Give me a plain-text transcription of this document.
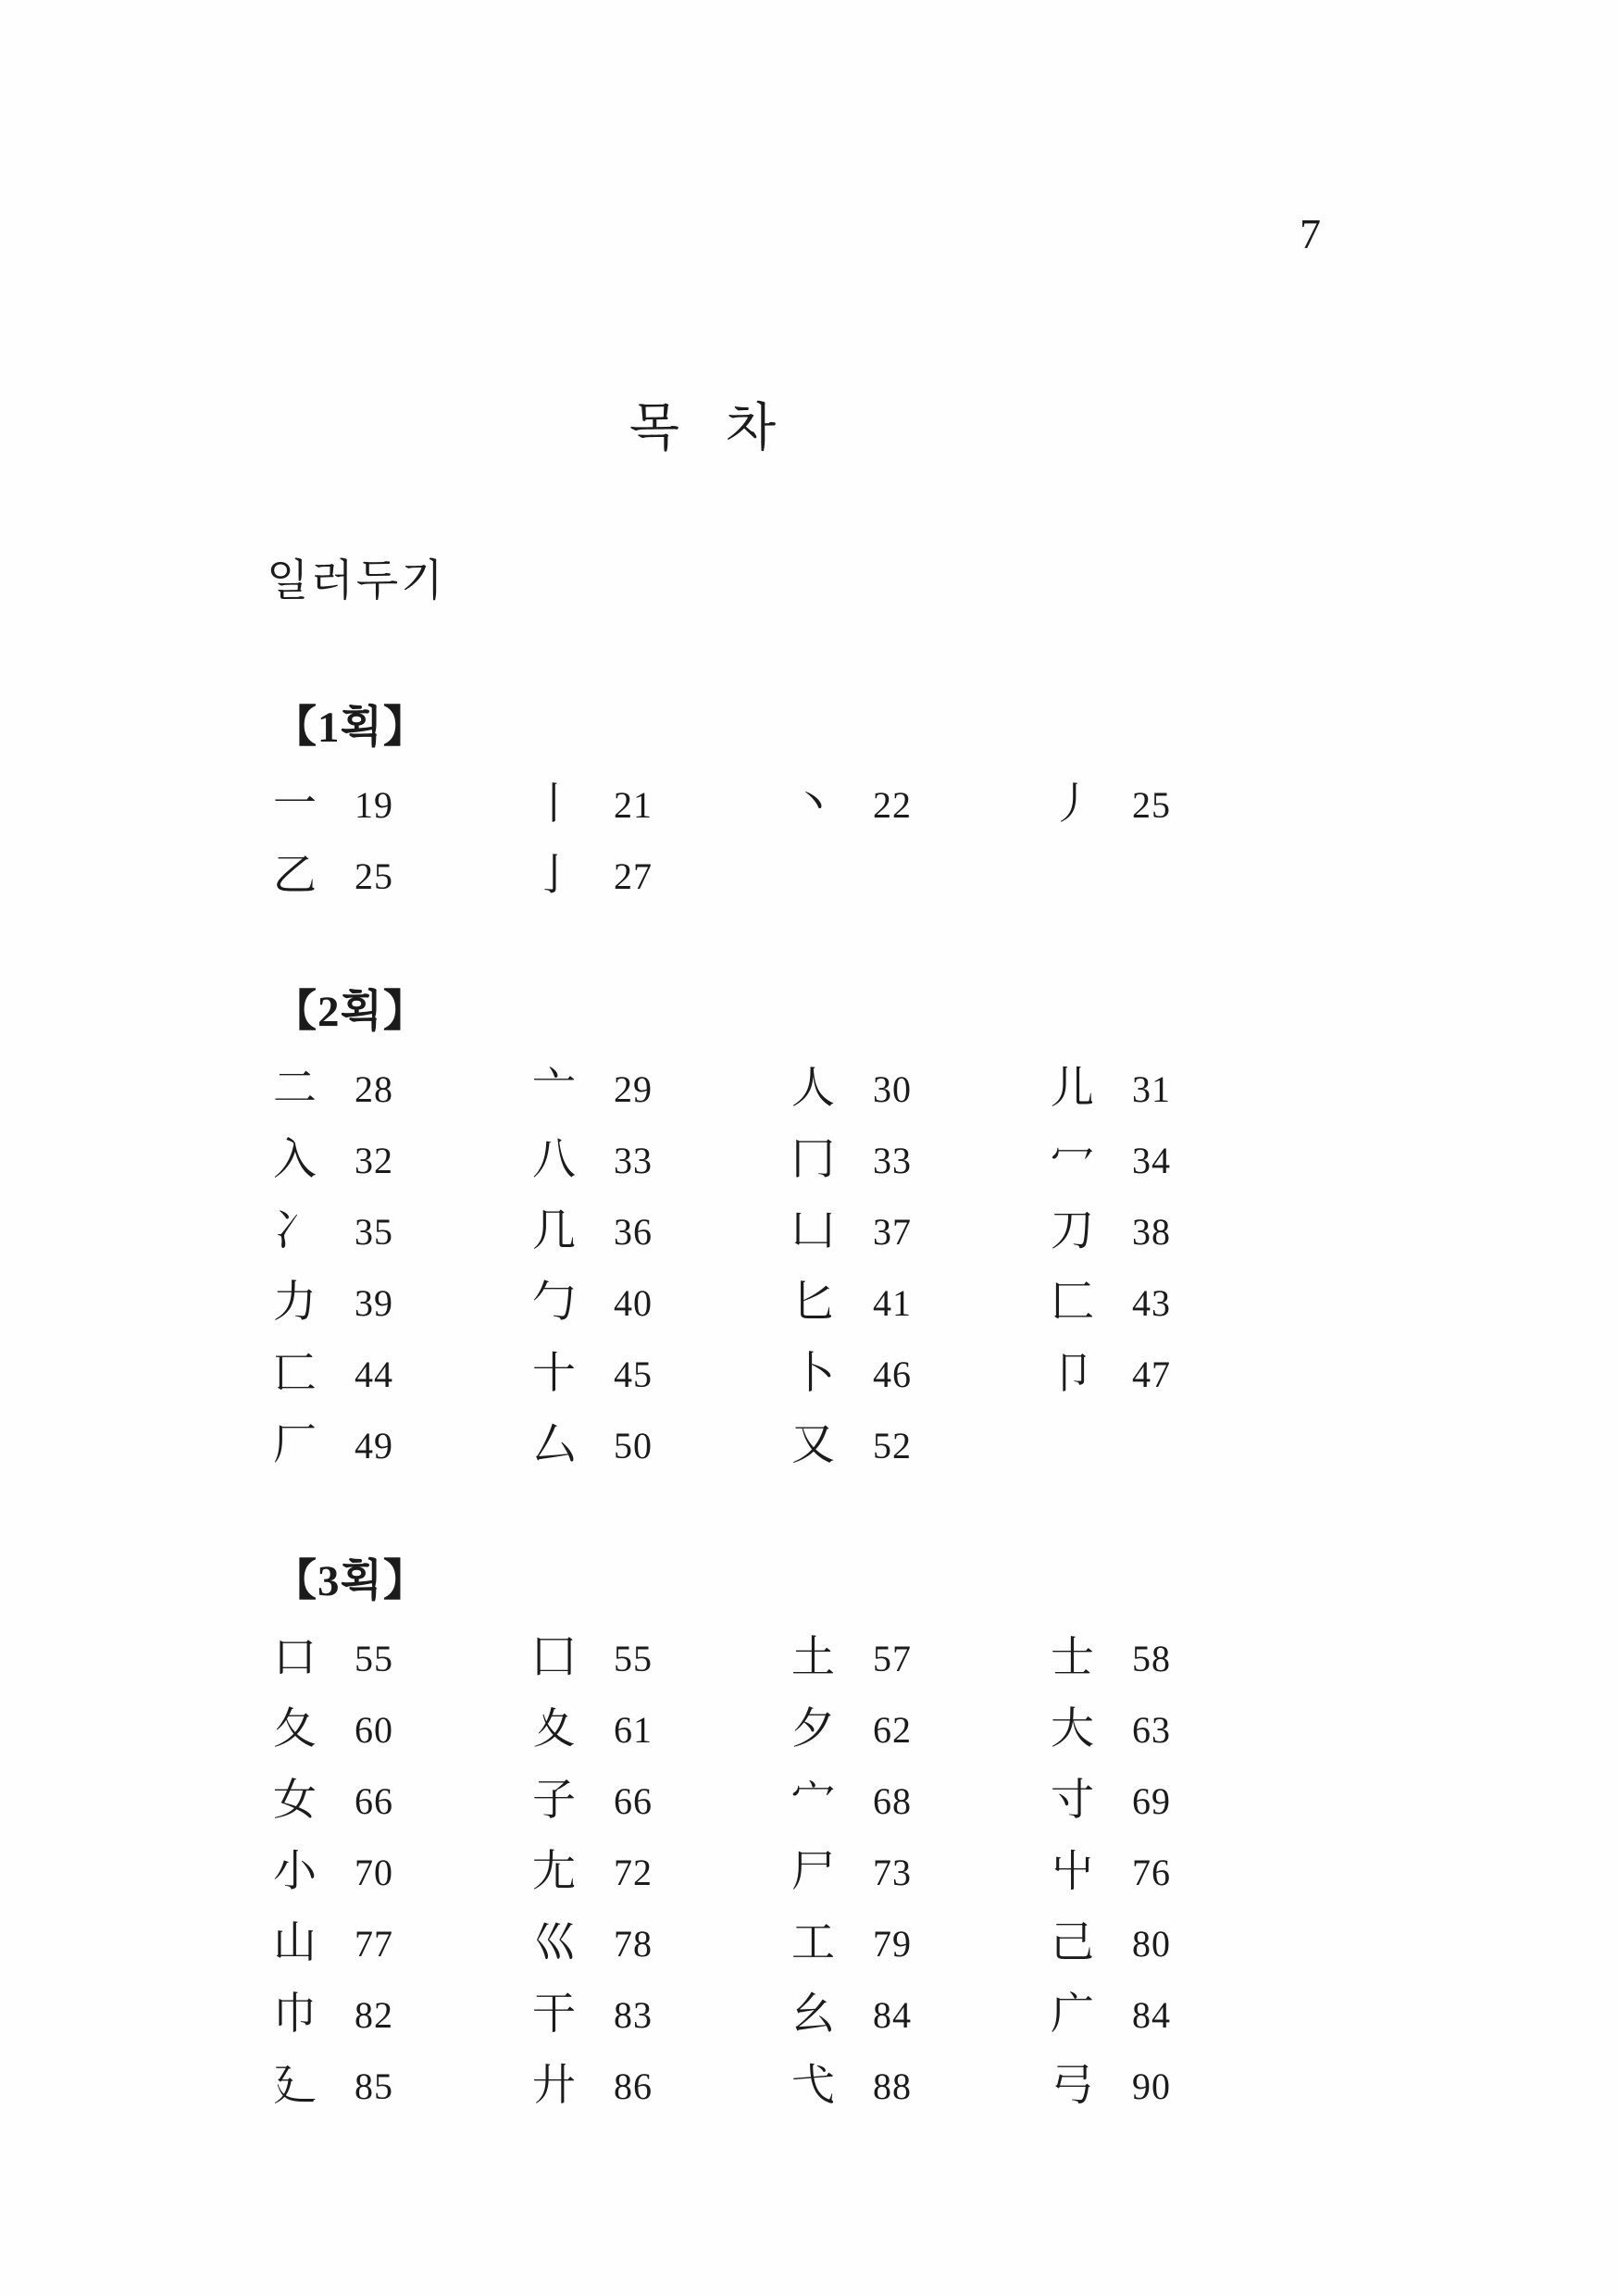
7
목   차
일러두기
【1획】
一	19	丨	21	丶	22	丿	25
乙	25	亅	27
【2획】
二	28	亠	29	人	30	儿	31
入	32	八	33	冂	33	冖	34
冫	35	几	36	凵	37	刀	38
力	39	勹	40	匕	41	匚	43
匸	44	十	45	卜	46	卩	47
厂	49	厶	50	又	52
【3획】
口	55	囗	55	土	57	士	58
夂	60	夊	61	夕	62	大	63
女	66	子	66	宀	68	寸	69
小	70	尢	72	尸	73	屮	76
山	77	巛	78	工	79	己	80
巾	82	干	83	幺	84	广	84
廴	85	廾	86	弋	88	弓	90
